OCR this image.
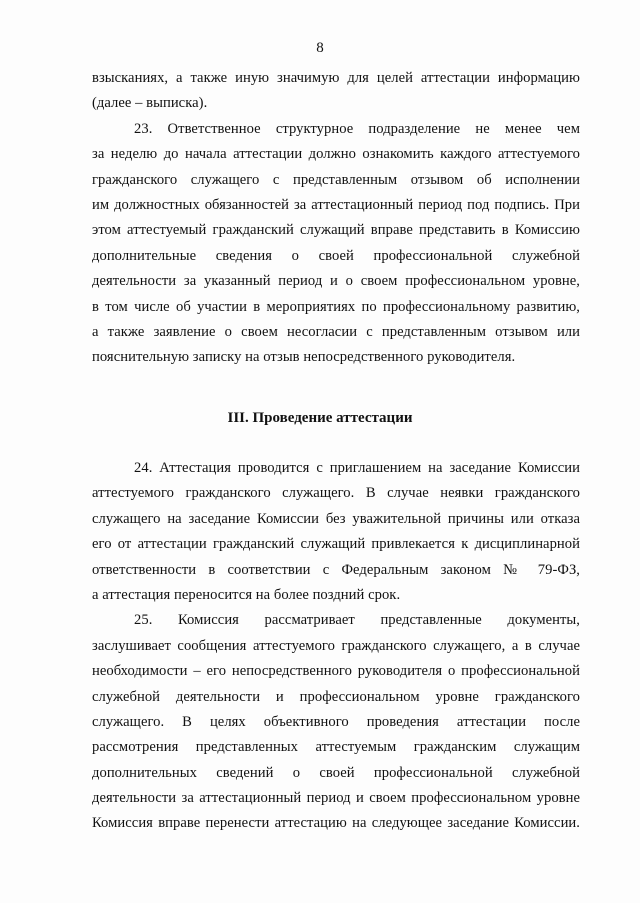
8
взысканиях, а также иную значимую для целей аттестации информацию
(далее – выписка).
23. Ответственное структурное подразделение не менее чем
за неделю до начала аттестации должно ознакомить каждого аттестуемого
гражданского служащего с представленным отзывом об исполнении
им должностных обязанностей за аттестационный период под подпись. При
этом аттестуемый гражданский служащий вправе представить в Комиссию
дополнительные сведения о своей профессиональной служебной
деятельности за указанный период и о своем профессиональном уровне,
в том числе об участии в мероприятиях по профессиональному развитию,
а также заявление о своем несогласии с представленным отзывом или
пояснительную записку на отзыв непосредственного руководителя.
III. Проведение аттестации
24. Аттестация проводится с приглашением на заседание Комиссии
аттестуемого гражданского служащего. В случае неявки гражданского
служащего на заседание Комиссии без уважительной причины или отказа
его от аттестации гражданский служащий привлекается к дисциплинарной
ответственности в соответствии с Федеральным законом № 79-ФЗ,
а аттестация переносится на более поздний срок.
25. Комиссия рассматривает представленные документы,
заслушивает сообщения аттестуемого гражданского служащего, а в случае
необходимости – его непосредственного руководителя о профессиональной
служебной деятельности и профессиональном уровне гражданского
служащего. В целях объективного проведения аттестации после
рассмотрения представленных аттестуемым гражданским служащим
дополнительных сведений о своей профессиональной служебной
деятельности за аттестационный период и своем профессиональном уровне
Комиссия вправе перенести аттестацию на следующее заседание Комиссии.
